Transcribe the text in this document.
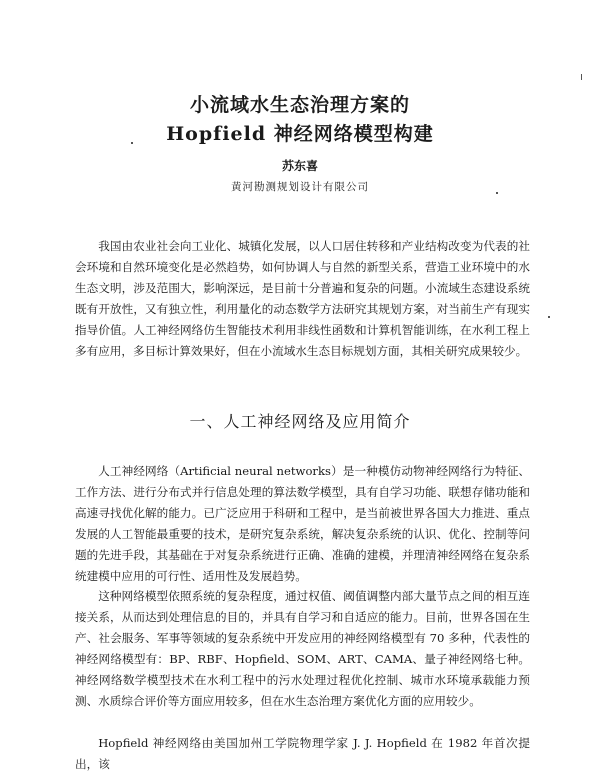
小流域水生态治理方案的
Hopfield 神经网络模型构建
苏东喜
黄河勘测规划设计有限公司

我国由农业社会向工业化、城镇化发展，以人口居住转移和产业结构改变为代表的社会环境和自然环境变化是必然趋势，如何协调人与自然的新型关系，营造工业环境中的水生态文明，涉及范围大，影响深远，是目前十分普遍和复杂的问题。小流域生态建设系统既有开放性，又有独立性，利用量化的动态数学方法研究其规划方案，对当前生产有现实指导价值。人工神经网络仿生智能技术利用非线性函数和计算机智能训练，在水利工程上多有应用，多目标计算效果好，但在小流域水生态目标规划方面，其相关研究成果较少。

一、人工神经网络及应用简介

人工神经网络（Artificial neural networks）是一种模仿动物神经网络行为特征、工作方法、进行分布式并行信息处理的算法数学模型，具有自学习功能、联想存储功能和高速寻找优化解的能力。已广泛应用于科研和工程中，是当前被世界各国大力推进、重点发展的人工智能最重要的技术，是研究复杂系统，解决复杂系统的认识、优化、控制等问题的先进手段，其基础在于对复杂系统进行正确、准确的建模，并理清神经网络在复杂系统建模中应用的可行性、适用性及发展趋势。

这种网络模型依照系统的复杂程度，通过权值、阈值调整内部大量节点之间的相互连接关系，从而达到处理信息的目的，并具有自学习和自适应的能力。目前，世界各国在生产、社会服务、军事等领域的复杂系统中开发应用的神经网络模型有 70 多种，代表性的神经网络模型有：BP、RBF、Hopfield、SOM、ART、CAMA、量子神经网络七种。神经网络数学模型技术在水利工程中的污水处理过程优化控制、城市水环境承载能力预测、水质综合评价等方面应用较多，但在水生态治理方案优化方面的应用较少。

Hopfield 神经网络由美国加州工学院物理学家 J. J. Hopfield 在 1982 年首次提出，该
